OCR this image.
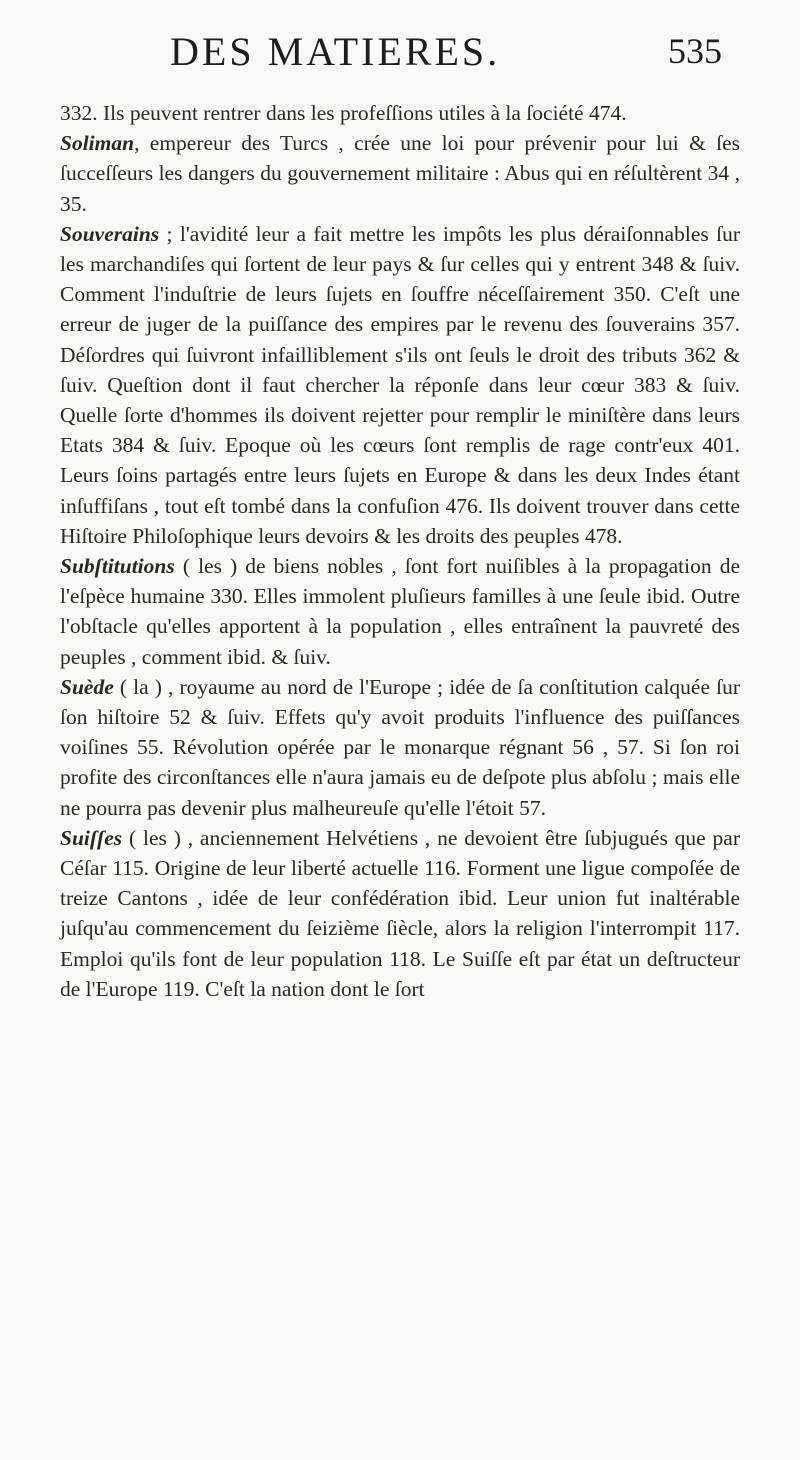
DES MATIERES.	535

332. Ils peuvent rentrer dans les profeſſions utiles à la ſociété 474.

Soliman, empereur des Turcs , crée une loi pour prévenir pour lui & ſes ſucceſſeurs les dangers du gouvernement militaire : Abus qui en réſultèrent 34 , 35.

Souverains ; l'avidité leur a fait mettre les impôts les plus déraiſonnables ſur les marchandiſes qui ſortent de leur pays & ſur celles qui y entrent 348 & ſuiv. Comment l'induſtrie de leurs ſujets en ſouffre néceſſairement 350. C'eſt une erreur de juger de la puiſſance des empires par le revenu des ſouverains 357. Déſordres qui ſuivront infailliblement s'ils ont ſeuls le droit des tributs 362 & ſuiv. Queſtion dont il faut chercher la réponſe dans leur cœur 383 & ſuiv. Quelle ſorte d'hommes ils doivent rejetter pour remplir le miniſtère dans leurs Etats 384 & ſuiv. Epoque où les cœurs ſont remplis de rage contr'eux 401. Leurs ſoins partagés entre leurs ſujets en Europe & dans les deux Indes étant inſuffiſans , tout eſt tombé dans la confuſion 476. Ils doivent trouver dans cette Hiſtoire Philoſophique leurs devoirs & les droits des peuples 478.

Subſtitutions ( les ) de biens nobles , ſont fort nuiſibles à la propagation de l'eſpèce humaine 330. Elles immolent pluſieurs familles à une ſeule ibid. Outre l'obſtacle qu'elles apportent à la population , elles entraînent la pauvreté des peuples , comment ibid. & ſuiv.

Suède ( la ) , royaume au nord de l'Europe ; idée de ſa conſtitution calquée ſur ſon hiſtoire 52 & ſuiv. Effets qu'y avoit produits l'influence des puiſſances voiſines 55. Révolution opérée par le monarque régnant 56 , 57. Si ſon roi profite des circonſtances elle n'aura jamais eu de deſpote plus abſolu ; mais elle ne pourra pas devenir plus malheureuſe qu'elle l'étoit 57.

Suiſſes ( les ) , anciennement Helvétiens , ne devoient être ſubjugués que par Céſar 115. Origine de leur liberté actuelle 116. Forment une ligue compoſée de treize Cantons , idée de leur confédération ibid. Leur union fut inaltérable juſqu'au commencement du ſeizième ſiècle, alors la religion l'interrompit 117. Emploi qu'ils font de leur population 118. Le Suiſſe eſt par état un deſtructeur de l'Europe 119. C'eſt la nation dont le ſort
